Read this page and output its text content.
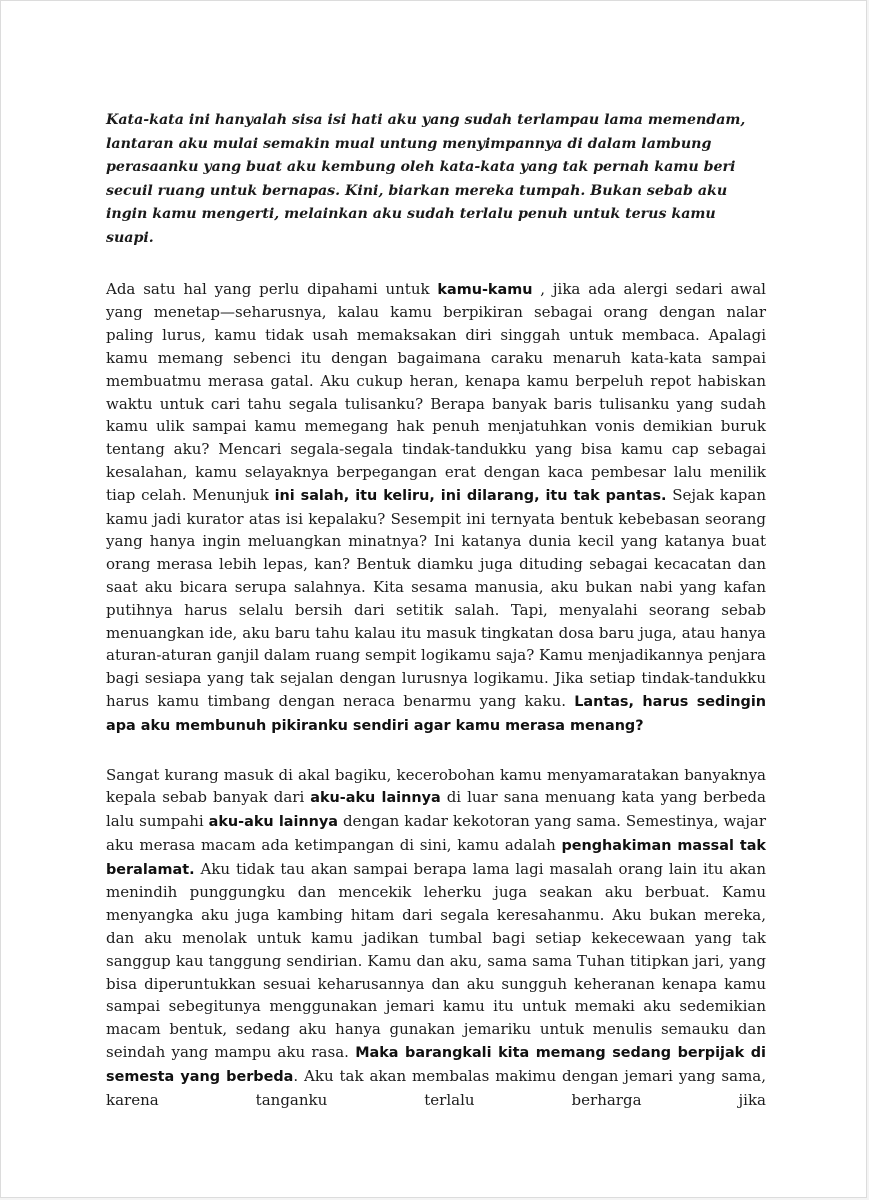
Kata-kata ini hanyalah sisa isi hati aku yang sudah terlampau lama memendam, lantaran aku mulai semakin mual untung menyimpannya di dalam lambung perasaanku yang buat aku kembung oleh kata-kata yang tak pernah kamu beri secuil ruang untuk bernapas. Kini, biarkan mereka tumpah. Bukan sebab aku ingin kamu mengerti, melainkan aku sudah terlalu penuh untuk terus kamu suapi.

Ada satu hal yang perlu dipahami untuk kamu-kamu , jika ada alergi sedari awal yang menetap—seharusnya, kalau kamu berpikiran sebagai orang dengan nalar paling lurus, kamu tidak usah memaksakan diri singgah untuk membaca. Apalagi kamu memang sebenci itu dengan bagaimana caraku menaruh kata-kata sampai membuatmu merasa gatal. Aku cukup heran, kenapa kamu berpeluh repot habiskan waktu untuk cari tahu segala tulisanku? Berapa banyak baris tulisanku yang sudah kamu ulik sampai kamu memegang hak penuh menjatuhkan vonis demikian buruk tentang aku? Mencari segala-segala tindak-tandukku yang bisa kamu cap sebagai kesalahan, kamu selayaknya berpegangan erat dengan kaca pembesar lalu menilik tiap celah. Menunjuk ini salah, itu keliru, ini dilarang, itu tak pantas. Sejak kapan kamu jadi kurator atas isi kepalaku? Sesempit ini ternyata bentuk kebebasan seorang yang hanya ingin meluangkan minatnya? Ini katanya dunia kecil yang katanya buat orang merasa lebih lepas, kan? Bentuk diamku juga dituding sebagai kecacatan dan saat aku bicara serupa salahnya. Kita sesama manusia, aku bukan nabi yang kafan putihnya harus selalu bersih dari setitik salah. Tapi, menyalahi seorang sebab menuangkan ide, aku baru tahu kalau itu masuk tingkatan dosa baru juga, atau hanya aturan-aturan ganjil dalam ruang sempit logikamu saja? Kamu menjadikannya penjara bagi sesiapa yang tak sejalan dengan lurusnya logikamu. Jika setiap tindak-tandukku harus kamu timbang dengan neraca benarmu yang kaku. Lantas, harus sedingin apa aku membunuh pikiranku sendiri agar kamu merasa menang?

Sangat kurang masuk di akal bagiku, kecerobohan kamu menyamaratakan banyaknya kepala sebab banyak dari aku-aku lainnya di luar sana menuang kata yang berbeda lalu sumpahi aku-aku lainnya dengan kadar kekotoran yang sama. Semestinya, wajar aku merasa macam ada ketimpangan di sini, kamu adalah penghakiman massal tak beralamat. Aku tidak tau akan sampai berapa lama lagi masalah orang lain itu akan menindih punggungku dan mencekik leherku juga seakan aku berbuat. Kamu menyangka aku juga kambing hitam dari segala keresahanmu. Aku bukan mereka, dan aku menolak untuk kamu jadikan tumbal bagi setiap kekecewaan yang tak sanggup kau tanggung sendirian. Kamu dan aku, sama sama Tuhan titipkan jari, yang bisa diperuntukkan sesuai keharusannya dan aku sungguh keheranan kenapa kamu sampai sebegitunya menggunakan jemari kamu itu untuk memaki aku sedemikian macam bentuk, sedang aku hanya gunakan jemariku untuk menulis semauku dan seindah yang mampu aku rasa. Maka barangkali kita memang sedang berpijak di semesta yang berbeda. Aku tak akan membalas makimu dengan jemari yang sama, karena tanganku terlalu berharga jika
